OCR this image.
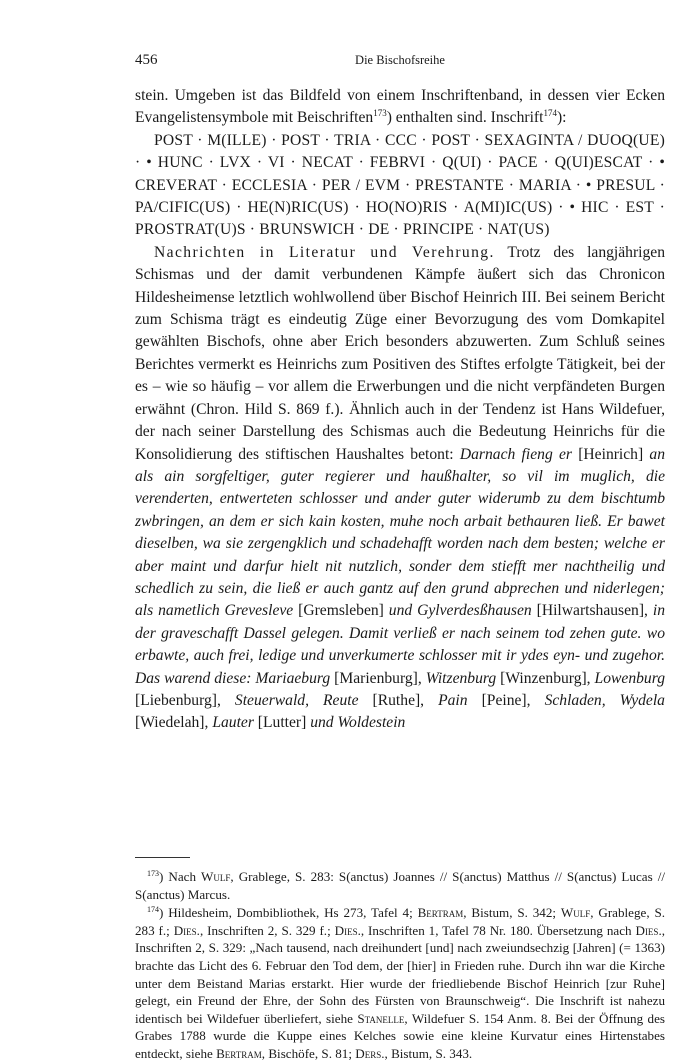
456	Die Bischofsreihe

stein. Umgeben ist das Bildfeld von einem Inschriftenband, in dessen vier Ecken Evangelistensymbole mit Beischriften$^{173}$) enthalten sind. Inschrift$^{174}$):

POST · M(ILLE) · POST · TRIA · CCC · POST · SEXAGINTA / DUOQ(UE) · • HUNC · LVX · VI · NECAT · FEBRVI · Q(UI) · PACE · Q(UI)ESCAT · • CREVERAT · ECCLESIA · PER / EVM · PRESTANTE · MARIA · • PRESUL · PA/CIFIC(US) · HE(N)RIC(US) · HO(NO)RIS · A(MI)IC(US) · • HIC · EST · PROSTRAT(U)S · BRUNSWICH · DE · PRINCIPE · NAT(US)

Nachrichten in Literatur und Verehrung. Trotz des langjährigen Schismas und der damit verbundenen Kämpfe äußert sich das Chronicon Hildesheimense letztlich wohlwollend über Bischof Heinrich III. Bei seinem Bericht zum Schisma trägt es eindeutig Züge einer Bevorzugung des vom Domkapitel gewählten Bischofs, ohne aber Erich besonders abzuwerten. Zum Schluß seines Berichtes vermerkt es Heinrichs zum Positiven des Stiftes erfolgte Tätigkeit, bei der es – wie so häufig – vor allem die Erwerbungen und die nicht verpfändeten Burgen erwähnt (Chron. Hild S. 869 f.). Ähnlich auch in der Tendenz ist Hans Wildefuer, der nach seiner Darstellung des Schismas auch die Bedeutung Heinrichs für die Konsolidierung des stiftischen Haushaltes betont: Darnach fieng er [Heinrich] an als ain sorgfeltiger, guter regierer und haußhalter, so vil im muglich, die verenderten, entwerteten schlosser und ander guter widerumb zu dem bischtumb zwbringen, an dem er sich kain kosten, muhe noch arbait bethauren ließ. Er bawet dieselben, wa sie zergengklich und schadehafft worden nach dem besten; welche er aber maint und darfur hielt nit nutzlich, sonder dem stiefft mer nachtheilig und schedlich zu sein, die ließ er auch gantz auf den grund abprechen und niderlegen; als nametlich Greveslеve [Gremsleben] und Gylverdesßhausen [Hilwartshausen], in der graveschafft Dassel gelegen. Damit verließ er nach seinem tod zehen gute. wo erbawte, auch frei, ledige und unverkumerte schlosser mit ir ydes eyn- und zugehor. Das warend diese: Mariaeburg [Marienburg], Witzenburg [Winzenburg], Lowenburg [Liebenburg], Steuerwald, Reute [Ruthe], Pain [Peine], Schladen, Wydela [Wiedelah], Lauter [Lutter] und Woldestein

$^{173}$) Nach Wulf, Grablege, S. 283: S(anctus) Joannes // S(anctus) Matthus // S(anctus) Lucas // S(anctus) Marcus.

$^{174}$) Hildesheim, Dombibliothek, Hs 273, Tafel 4; Bertram, Bistum, S. 342; Wulf, Grablege, S. 283 f.; Dies., Inschriften 2, S. 329 f.; Dies., Inschriften 1, Tafel 78 Nr. 180. Übersetzung nach Dies., Inschriften 2, S. 329: „Nach tausend, nach dreihundert [und] nach zweiundsechzig [Jahren] (= 1363) brachte das Licht des 6. Februar den Tod dem, der [hier] in Frieden ruhe. Durch ihn war die Kirche unter dem Beistand Marias erstarkt. Hier wurde der friedliebende Bischof Heinrich [zur Ruhe] gelegt, ein Freund der Ehre, der Sohn des Fürsten von Braunschweig“. Die Inschrift ist nahezu identisch bei Wildefuer überliefert, siehe Stanelle, Wildefuer S. 154 Anm. 8. Bei der Öffnung des Grabes 1788 wurde die Kuppe eines Kelches sowie eine kleine Kurvatur eines Hirtenstabes entdeckt, siehe Bertram, Bischöfe, S. 81; Ders., Bistum, S. 343.
